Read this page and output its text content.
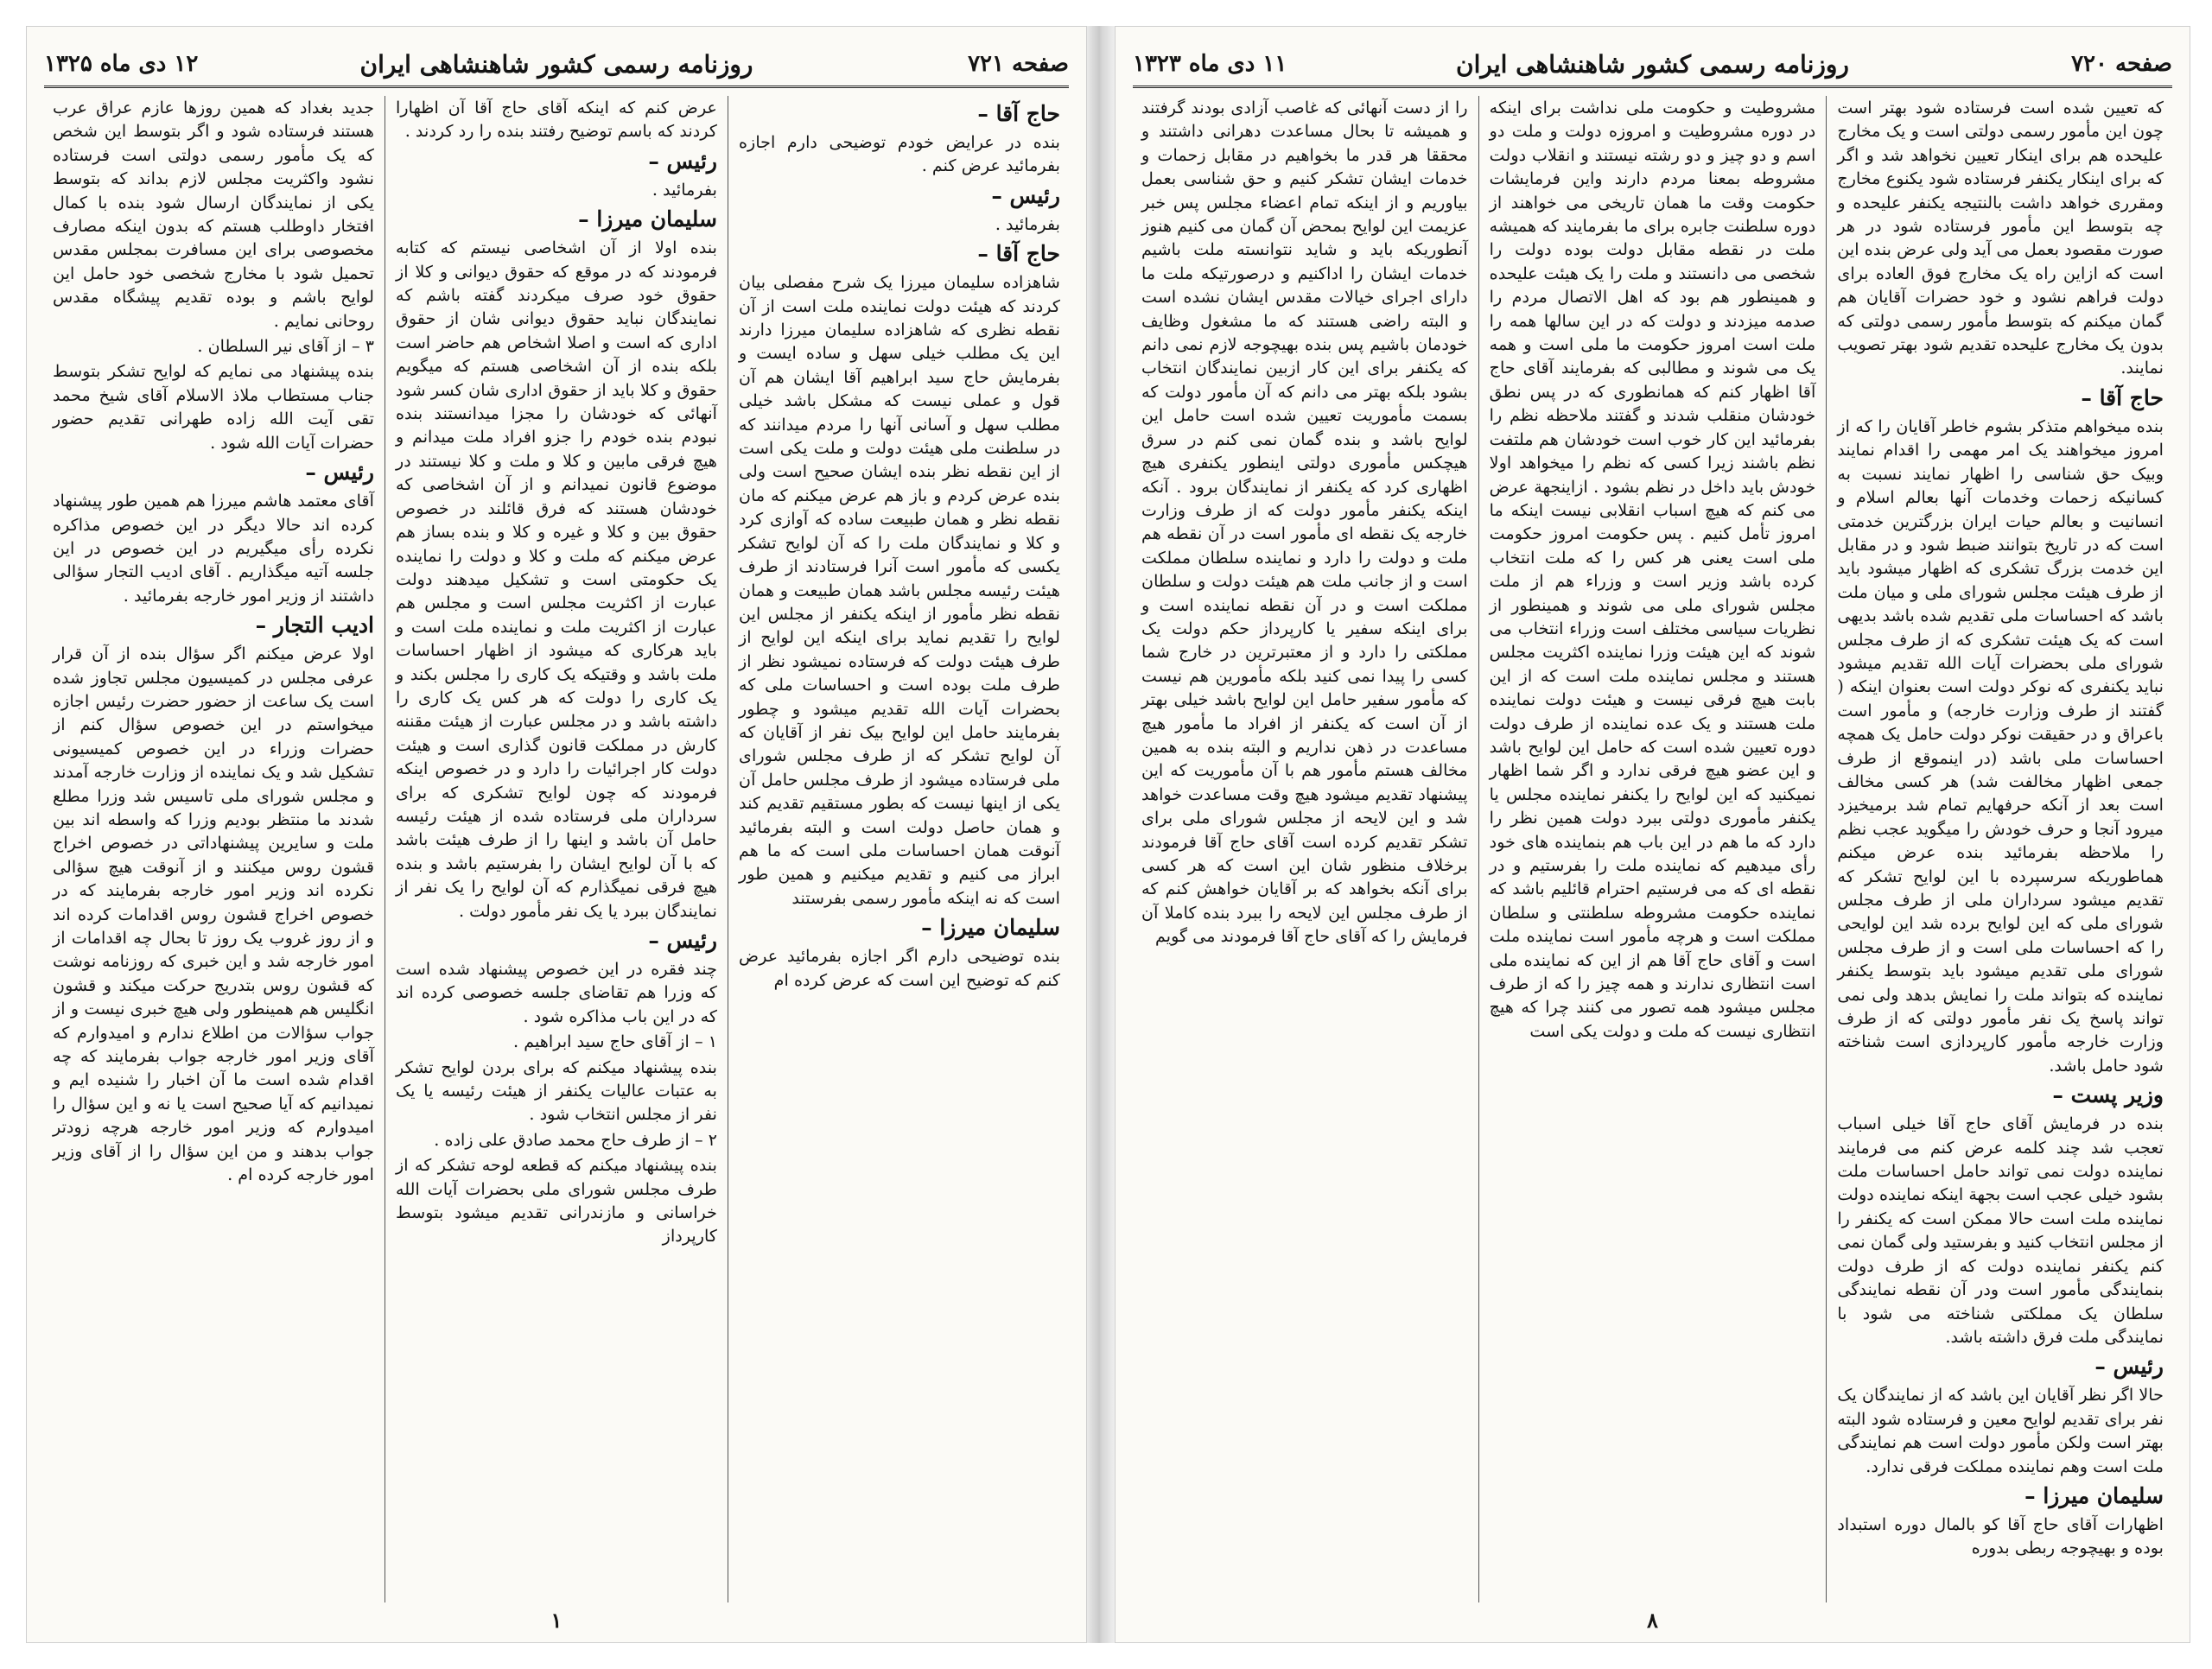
صفحه ۷۲۰
روزنامه رسمی کشور شاهنشاهی ایران
۱۱ دی ماه ۱۳۲۳

که تعیین شده است فرستاده شود بهتر است چون این مأمور رسمی دولتی است و یک مخارج علیحده هم برای اینکار تعیین نخواهد شد و اگر که برای اینکار یکنفر فرستاده شود یکنوع مخارج ومقرری خواهد داشت بالنتیجه یکنفر علیحده و چه بتوسط این مأمور فرستاده شود در هر صورت مقصود بعمل می آید ولی عرض بنده این است که ازاین راه یک مخارج فوق العاده برای دولت فراهم نشود و خود حضرات آقایان هم گمان میکنم که بتوسط مأمور رسمی دولتی که بدون یک مخارج علیحده تقدیم شود بهتر تصویب نمایند.

حاج آقا –

بنده میخواهم متذکر بشوم خاطر آقایان را که از امروز میخواهند یک امر مهمی را اقدام نمایند وبیک حق شناسی را اظهار نمایند نسبت به کسانیکه زحمات وخدمات آنها بعالم اسلام و انسانیت و بعالم حیات ایران بزرگترین خدمتی است که در تاریخ بتوانند ضبط شود و در مقابل این خدمت بزرگ تشکری که اظهار میشود باید از طرف هیئت مجلس شورای ملی و میان ملت باشد که احساسات ملی تقدیم شده باشد بدیهی است که یک هیئت تشکری که از طرف مجلس شورای ملی بحضرات آیات الله تقدیم میشود نباید یکنفری که نوکر دولت است بعنوان اینکه ( گفتند از طرف وزارت خارجه) و مأمور است باعراق و در حقیقت نوکر دولت حامل یک همچه احساسات ملی باشد (در اینموقع از طرف جمعی اظهار مخالفت شد) هر کسی مخالف است بعد از آنکه حرفهایم تمام شد برمیخیزد میرود آنجا و حرف خودش را میگوید عجب نظم را ملاحظه بفرمائید بنده عرض میکنم هماطوریکه سرسپرده با این لوایح تشکر که تقدیم میشود سرداران ملی از طرف مجلس شورای ملی که این لوایح برده شد این لوایحی را که احساسات ملی است و از طرف مجلس شورای ملی تقدیم میشود باید بتوسط یکنفر نماینده که بتواند ملت را نمایش بدهد ولی نمی تواند پاسخ یک نفر مأمور دولتی که از طرف وزارت خارجه مأمور کارپردازی است شناخته شود حامل باشد.

وزیر پست –

بنده در فرمایش آقای حاج آقا خیلی اسباب تعجب شد چند کلمه عرض کنم می فرمایند نماینده دولت نمی تواند حامل احساسات ملت بشود خیلی عجب است بجهة اینکه نماینده دولت نماینده ملت است حالا ممکن است که یکنفر را از مجلس انتخاب کنید و بفرستید ولی گمان نمی کنم یکنفر نماینده دولت که از طرف دولت بنمایندگی مأمور است ودر آن نقطه نمایندگی سلطان یک مملکتی شناخته می شود با نمایندگی ملت فرق داشته باشد.

رئیس –

حالا اگر نظر آقایان این باشد که از نمایندگان یک نفر برای تقدیم لوایح معین و فرستاده شود البته بهتر است ولکن مأمور دولت است هم نمایندگی ملت است وهم نماینده مملکت فرقی ندارد.

سلیمان میرزا –

اظهارات آقای حاج آقا کو بالمال دوره استبداد بوده و بهیچوجه ربطی بدوره

مشروطیت و حکومت ملی نداشت برای اینکه در دوره مشروطیت و امروزه دولت و ملت دو اسم و دو چیز و دو رشته نیستند و انقلاب دولت مشروطه بمعنا مردم دارند واین فرمایشات حکومت وقت ما همان تاریخی می خواهند از دوره سلطنت جابره برای ما بفرمایند که همیشه ملت در نقطه مقابل دولت بوده دولت را شخصی می دانستند و ملت را یک هیئت علیحده و همینطور هم بود که اهل الاتصال مردم را صدمه میزدند و دولت که در این سالها همه را ملت است امروز حکومت ما ملی است و همه یک می شوند و مطالبی که بفرمایند آقای حاج آقا اظهار کنم که همانطوری که در پس نطق خودشان منقلب شدند و گفتند ملاحظه نظم را بفرمائید این کار خوب است خودشان هم ملتفت نظم باشند زیرا کسی که نظم را میخواهد اولا خودش باید داخل در نظم بشود . ازاینجهة عرض می کنم که هیچ اسباب انقلابی نیست اینکه ما امروز تأمل کنیم . پس حکومت امروز حکومت ملی است یعنی هر کس را که ملت انتخاب کرده باشد وزیر است و وزراء هم از ملت مجلس شورای ملی می شوند و همینطور از نظریات سیاسی مختلف است وزراء انتخاب می شوند که این هیئت وزرا نماینده اکثریت مجلس هستند و مجلس نماینده ملت است که از این بابت هیچ فرقی نیست و هیئت دولت نماینده ملت هستند و یک عده نماینده از طرف دولت دوره تعیین شده است که حامل این لوایح باشد و این عضو هیچ فرقی ندارد و اگر شما اظهار نمیکنید که این لوایح را یکنفر نماینده مجلس یا یکنفر مأموری دولتی ببرد دولت همین نظر را دارد که ما هم در این باب هم بنماینده های خود رأی میدهیم که نماینده ملت را بفرستیم و در نقطه ای که می فرستیم احترام قائلیم باشد که نماینده حکومت مشروطه سلطنتی و سلطان مملکت است و هرچه مأمور است نماینده ملت است و آقای حاج آقا هم از این که نماینده ملی است انتظاری ندارند و همه چیز را که از طرف مجلس میشود همه تصور می کنند چرا که هیچ انتظاری نیست که ملت و دولت یکی است

را از دست آنهائی که غاصب آزادی بودند گرفتند و همیشه تا بحال مساعدت دهرانی داشتند و محققا هر قدر ما بخواهیم در مقابل زحمات و خدمات ایشان تشکر کنیم و حق شناسی بعمل بیاوریم و از اینکه تمام اعضاء مجلس پس خبر عزیمت این لوایح بمحض آن گمان می کنیم هنوز آنطوریکه باید و شاید نتوانسته ملت باشیم خدمات ایشان را اداکنیم و درصورتیکه ملت ما دارای اجرای خیالات مقدس ایشان نشده است و البته راضی هستند که ما مشغول وظایف خودمان باشیم پس بنده بهیچوجه لازم نمی دانم که یکنفر برای این کار ازبین نمایندگان انتخاب بشود بلکه بهتر می دانم که آن مأمور دولت که بسمت مأموریت تعیین شده است حامل این لوایح باشد و بنده گمان نمی کنم در سرق هیچکس مأموری دولتی اینطور یکنفری هیچ اظهاری کرد که یکنفر از نمایندگان برود . آنکه اینکه یکنفر مأمور دولت که از طرف وزارت خارجه یک نقطه ای مأمور است در آن نقطه هم ملت و دولت را دارد و نماینده سلطان مملکت است و از جانب ملت هم هیئت دولت و سلطان مملکت است و در آن نقطه نماینده است و برای اینکه سفیر یا کارپرداز حکم دولت یک مملکتی را دارد و از معتبرترین در خارج شما کسی را پیدا نمی کنید بلکه مأمورین هم نیست که مأمور سفیر حامل این لوایح باشد خیلی بهتر از آن است که یکنفر از افراد ما مأمور هیچ مساعدت در ذهن نداریم و البته بنده به همین مخالف هستم مأمور هم با آن مأموریت که این پیشنهاد تقدیم میشود هیچ وقت مساعدت خواهد شد و این لایحه از مجلس شورای ملی برای تشکر تقدیم کرده است آقای حاج آقا فرمودند برخلاف منظور شان این است که هر کسی برای آنکه بخواهد که بر آقایان خواهش کنم که از طرف مجلس این لایحه را ببرد بنده کاملا آن فرمایش را که آقای حاج آقا فرمودند می گویم

۸
صفحه ۷۲۱
روزنامه رسمی کشور شاهنشاهی ایران
۱۲ دی ماه ۱۳۲۵
حاج آقا –

بنده در عرایض خودم توضیحی دارم اجازه بفرمائید عرض کنم .

رئیس –

بفرمائید .

حاج آقا –

شاهزاده سلیمان میرزا یک شرح مفصلی بیان کردند که هیئت دولت نماینده ملت است از آن نقطه نظری که شاهزاده سلیمان میرزا دارند این یک مطلب خیلی سهل و ساده ایست و بفرمایش حاج سید ابراهیم آقا ایشان هم آن قول و عملی نیست که مشکل باشد خیلی مطلب سهل و آسانی آنها را مردم میدانند که در سلطنت ملی هیئت دولت و ملت یکی است از این نقطه نظر بنده ایشان صحیح است ولی بنده عرض کردم و باز هم عرض میکنم که مان نقطه نظر و همان طبیعت ساده که آوازی کرد و کلا و نمایندگان ملت را که آن لوایح تشکر یکسی که مأمور است آنرا فرستادند از طرف هیئت رئیسه مجلس باشد همان طبیعت و همان نقطه نظر مأمور از اینکه یکنفر از مجلس این لوایح را تقدیم نماید برای اینکه این لوایح از طرف هیئت دولت که فرستاده نمیشود نظر از طرف ملت بوده است و احساسات ملی که بحضرات آیات الله تقدیم میشود و چطور بفرمایند حامل این لوایح بیک نفر از آقایان که آن لوایح تشکر که از طرف مجلس شورای ملی فرستاده میشود از طرف مجلس حامل آن یکی از اینها نیست که بطور مستقیم تقدیم کند و همان حاصل دولت است و البته بفرمائید آنوقت همان احساسات ملی است که ما هم ابراز می کنیم و تقدیم میکنیم و همین طور است که نه اینکه مأمور رسمی بفرستند

سلیمان میرزا –

بنده توضیحی دارم اگر اجازه بفرمائید عرض کنم که توضیح این است که عرض کرده ام

عرض کنم که اینکه آقای حاج آقا آن اظهارا کردند که باسم توضیح رفتند بنده را رد کردند .

رئیس –

بفرمائید .

سلیمان میرزا –

بنده اولا از آن اشخاصی نیستم که کتابه فرمودند که در موقع که حقوق دیوانی و کلا از حقوق خود صرف میکردند گفته باشم که نمایندگان نباید حقوق دیوانی شان از حقوق اداری که است و اصلا اشخاص هم حاضر است بلکه بنده از آن اشخاصی هستم که میگویم حقوق و کلا باید از حقوق اداری شان کسر شود آنهائی که خودشان را مجزا میدانستند بنده نبودم بنده خودم را جزو افراد ملت میدانم و هیچ فرقی مابین و کلا و ملت و کلا نیستند در موضوع قانون نمیدانم و از آن اشخاصی که خودشان هستند که فرق قائلند در خصوص حقوق بین و کلا و غیره و کلا و بنده بساز هم عرض میکنم که ملت و کلا و دولت را نماینده یک حکومتی است و تشکیل میدهند دولت عبارت از اکثریت مجلس است و مجلس هم عبارت از اکثریت ملت و نماینده ملت است و باید هرکاری که میشود از اظهار احساسات ملت باشد و وقتیکه یک کاری را مجلس بکند و یک کاری را دولت که هر کس یک کاری را داشته باشد و در مجلس عبارت از هیئت مقننه کارش در مملکت قانون گذاری است و هیئت دولت کار اجرائیات را دارد و در خصوص اینکه فرمودند که چون لوایح تشکری که برای سرداران ملی فرستاده شده از هیئت رئیسه حامل آن باشد و اینها را از طرف هیئت باشد که با آن لوایح ایشان را بفرستیم باشد و بنده هیچ فرقی نمیگذارم که آن لوایح را یک نفر از نمایندگان ببرد یا یک نفر مأمور دولت .

رئیس –

چند فقره در این خصوص پیشنهاد شده است که وزرا هم تقاضای جلسه خصوصی کرده اند که در این باب مذاکره شود .

۱ – از آقای حاج سید ابراهیم .

بنده پیشنهاد میکنم که برای بردن لوایح تشکر به عتبات عالیات یکنفر از هیئت رئیسه یا یک نفر از مجلس انتخاب شود .

۲ – از طرف حاج محمد صادق علی زاده .

بنده پیشنهاد میکنم که قطعه لوحه تشکر که از طرف مجلس شورای ملی بحضرات آیات الله خراسانی و مازندرانی تقدیم میشود بتوسط کارپرداز

جدید بغداد که همین روزها عازم عراق عرب هستند فرستاده شود و اگر بتوسط این شخص که یک مأمور رسمی دولتی است فرستاده نشود واکثریت مجلس لازم بداند که بتوسط یکی از نمایندگان ارسال شود بنده با کمال افتخار داوطلب هستم که بدون اینکه مصارف مخصوصی برای این مسافرت بمجلس مقدس تحمیل شود با مخارج شخصی خود حامل این لوایح باشم و بوده تقدیم پیشگاه مقدس روحانی نمایم .

۳ – از آقای نیر السلطان .

بنده پیشنهاد می نمایم که لوایح تشکر بتوسط جناب مستطاب ملاذ الاسلام آقای شیخ محمد تقی آیت الله زاده طهرانی تقدیم حضور حضرات آیات الله شود .

رئیس –

آقای معتمد هاشم میرزا هم همین طور پیشنهاد کرده اند حالا دیگر در این خصوص مذاکره نکرده رأی میگیریم در این خصوص در این جلسه آتیه میگذاریم . آقای ادیب التجار سؤالی داشتند از وزیر امور خارجه بفرمائید .

ادیب التجار –

اولا عرض میکنم اگر سؤال بنده از آن قرار عرفی مجلس در کمیسیون مجلس تجاوز شده است یک ساعت از حضور حضرت رئیس اجازه میخواستم در این خصوص سؤال کنم از حضرات وزراء در این خصوص کمیسیونی تشکیل شد و یک نماینده از وزارت خارجه آمدند و مجلس شورای ملی تاسیس شد وزرا مطلع شدند ما منتظر بودیم وزرا که واسطه اند بین ملت و سایرین پیشنهاداتی در خصوص اخراج قشون روس میکنند و از آنوقت هیچ سؤالی نکرده اند وزیر امور خارجه بفرمایند که در خصوص اخراج قشون روس اقدامات کرده اند و از روز غروب یک روز تا بحال چه اقدامات از امور خارجه شد و این خبری که روزنامه نوشت که قشون روس بتدریج حرکت میکند و قشون انگلیس هم همینطور ولی هیچ خبری نیست و از جواب سؤالات من اطلاع ندارم و امیدوارم که آقای وزیر امور خارجه جواب بفرمایند که چه اقدام شده است ما آن اخبار را شنیده ایم و نمیدانیم که آیا صحیح است یا نه و این سؤال را امیدوارم که وزیر امور خارجه هرچه زودتر جواب بدهند و من این سؤال را از آقای وزیر امور خارجه کرده ام .

۱
